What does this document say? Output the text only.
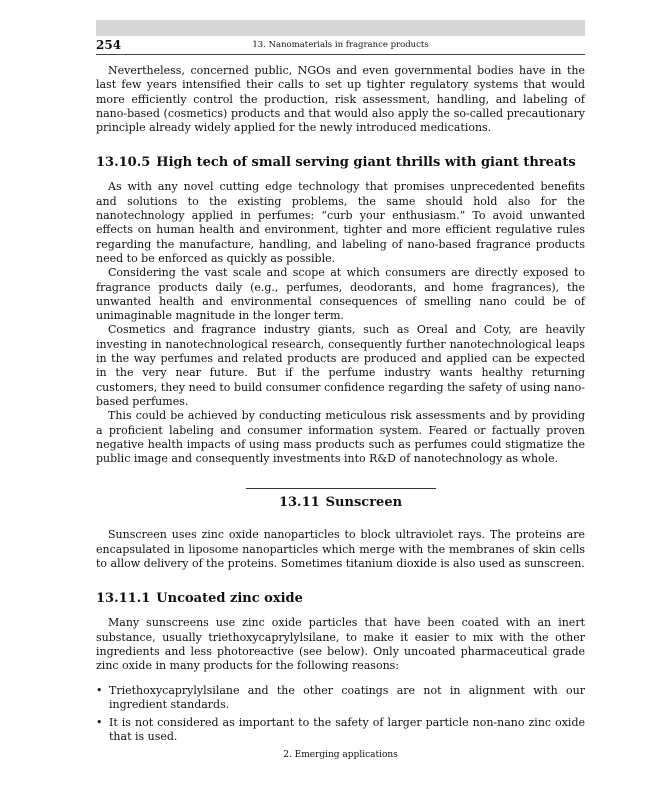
254	13. Nanomaterials in fragrance products

Nevertheless, concerned public, NGOs and even governmental bodies have in the last few years intensified their calls to set up tighter regulatory systems that would more efficiently control the production, risk assessment, handling, and labeling of nano-based (cosmetics) products and that would also apply the so-called precautionary principle already widely applied for the newly introduced medications.

13.10.5 High tech of small serving giant thrills with giant threats

As with any novel cutting edge technology that promises unprecedented benefits and solutions to the existing problems, the same should hold also for the nanotechnology applied in perfumes: “curb your enthusiasm.” To avoid unwanted effects on human health and environment, tighter and more efficient regulative rules regarding the manufacture, handling, and labeling of nano-based fragrance products need to be enforced as quickly as possible.

Considering the vast scale and scope at which consumers are directly exposed to fragrance products daily (e.g., perfumes, deodorants, and home fragrances), the unwanted health and environmental consequences of smelling nano could be of unimaginable magnitude in the longer term.

Cosmetics and fragrance industry giants, such as Oreal and Coty, are heavily investing in nanotechnological research, consequently further nanotechnological leaps in the way perfumes and related products are produced and applied can be expected in the very near future. But if the perfume industry wants healthy returning customers, they need to build consumer confidence regarding the safety of using nano-based perfumes.

This could be achieved by conducting meticulous risk assessments and by providing a proficient labeling and consumer information system. Feared or factually proven negative health impacts of using mass products such as perfumes could stigmatize the public image and consequently investments into R&D of nanotechnology as whole.

13.11 Sunscreen

Sunscreen uses zinc oxide nanoparticles to block ultraviolet rays. The proteins are encapsulated in liposome nanoparticles which merge with the membranes of skin cells to allow delivery of the proteins. Sometimes titanium dioxide is also used as sunscreen.

13.11.1 Uncoated zinc oxide

Many sunscreens use zinc oxide particles that have been coated with an inert substance, usually triethoxycaprylylsilane, to make it easier to mix with the other ingredients and less photoreactive (see below). Only uncoated pharmaceutical grade zinc oxide in many products for the following reasons:

• Triethoxycaprylylsilane and the other coatings are not in alignment with our ingredient standards.
• It is not considered as important to the safety of larger particle non-nano zinc oxide that is used.
2. Emerging applications
